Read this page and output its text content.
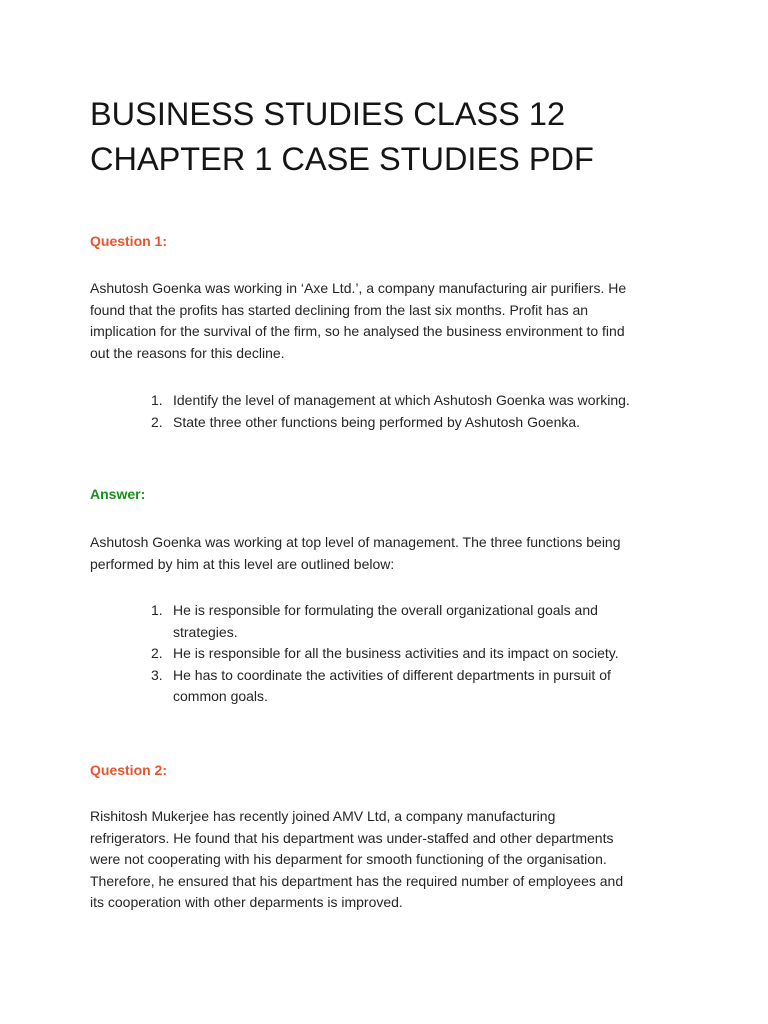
BUSINESS STUDIES CLASS 12
CHAPTER 1 CASE STUDIES PDF
Question 1:

Ashutosh Goenka was working in ‘Axe Ltd.’, a company manufacturing air purifiers. He
found that the profits has started declining from the last six months. Profit has an
implication for the survival of the firm, so he analysed the business environment to find
out the reasons for this decline.

1. Identify the level of management at which Ashutosh Goenka was working.
2. State three other functions being performed by Ashutosh Goenka.
Answer:

Ashutosh Goenka was working at top level of management. The three functions being
performed by him at this level are outlined below:

1. He is responsible for formulating the overall organizational goals and
strategies.
2. He is responsible for all the business activities and its impact on society.
3. He has to coordinate the activities of different departments in pursuit of
common goals.
Question 2:

Rishitosh Mukerjee has recently joined AMV Ltd, a company manufacturing
refrigerators. He found that his department was under-staffed and other departments
were not cooperating with his deparment for smooth functioning of the organisation.
Therefore, he ensured that his department has the required number of employees and
its cooperation with other deparments is improved.
